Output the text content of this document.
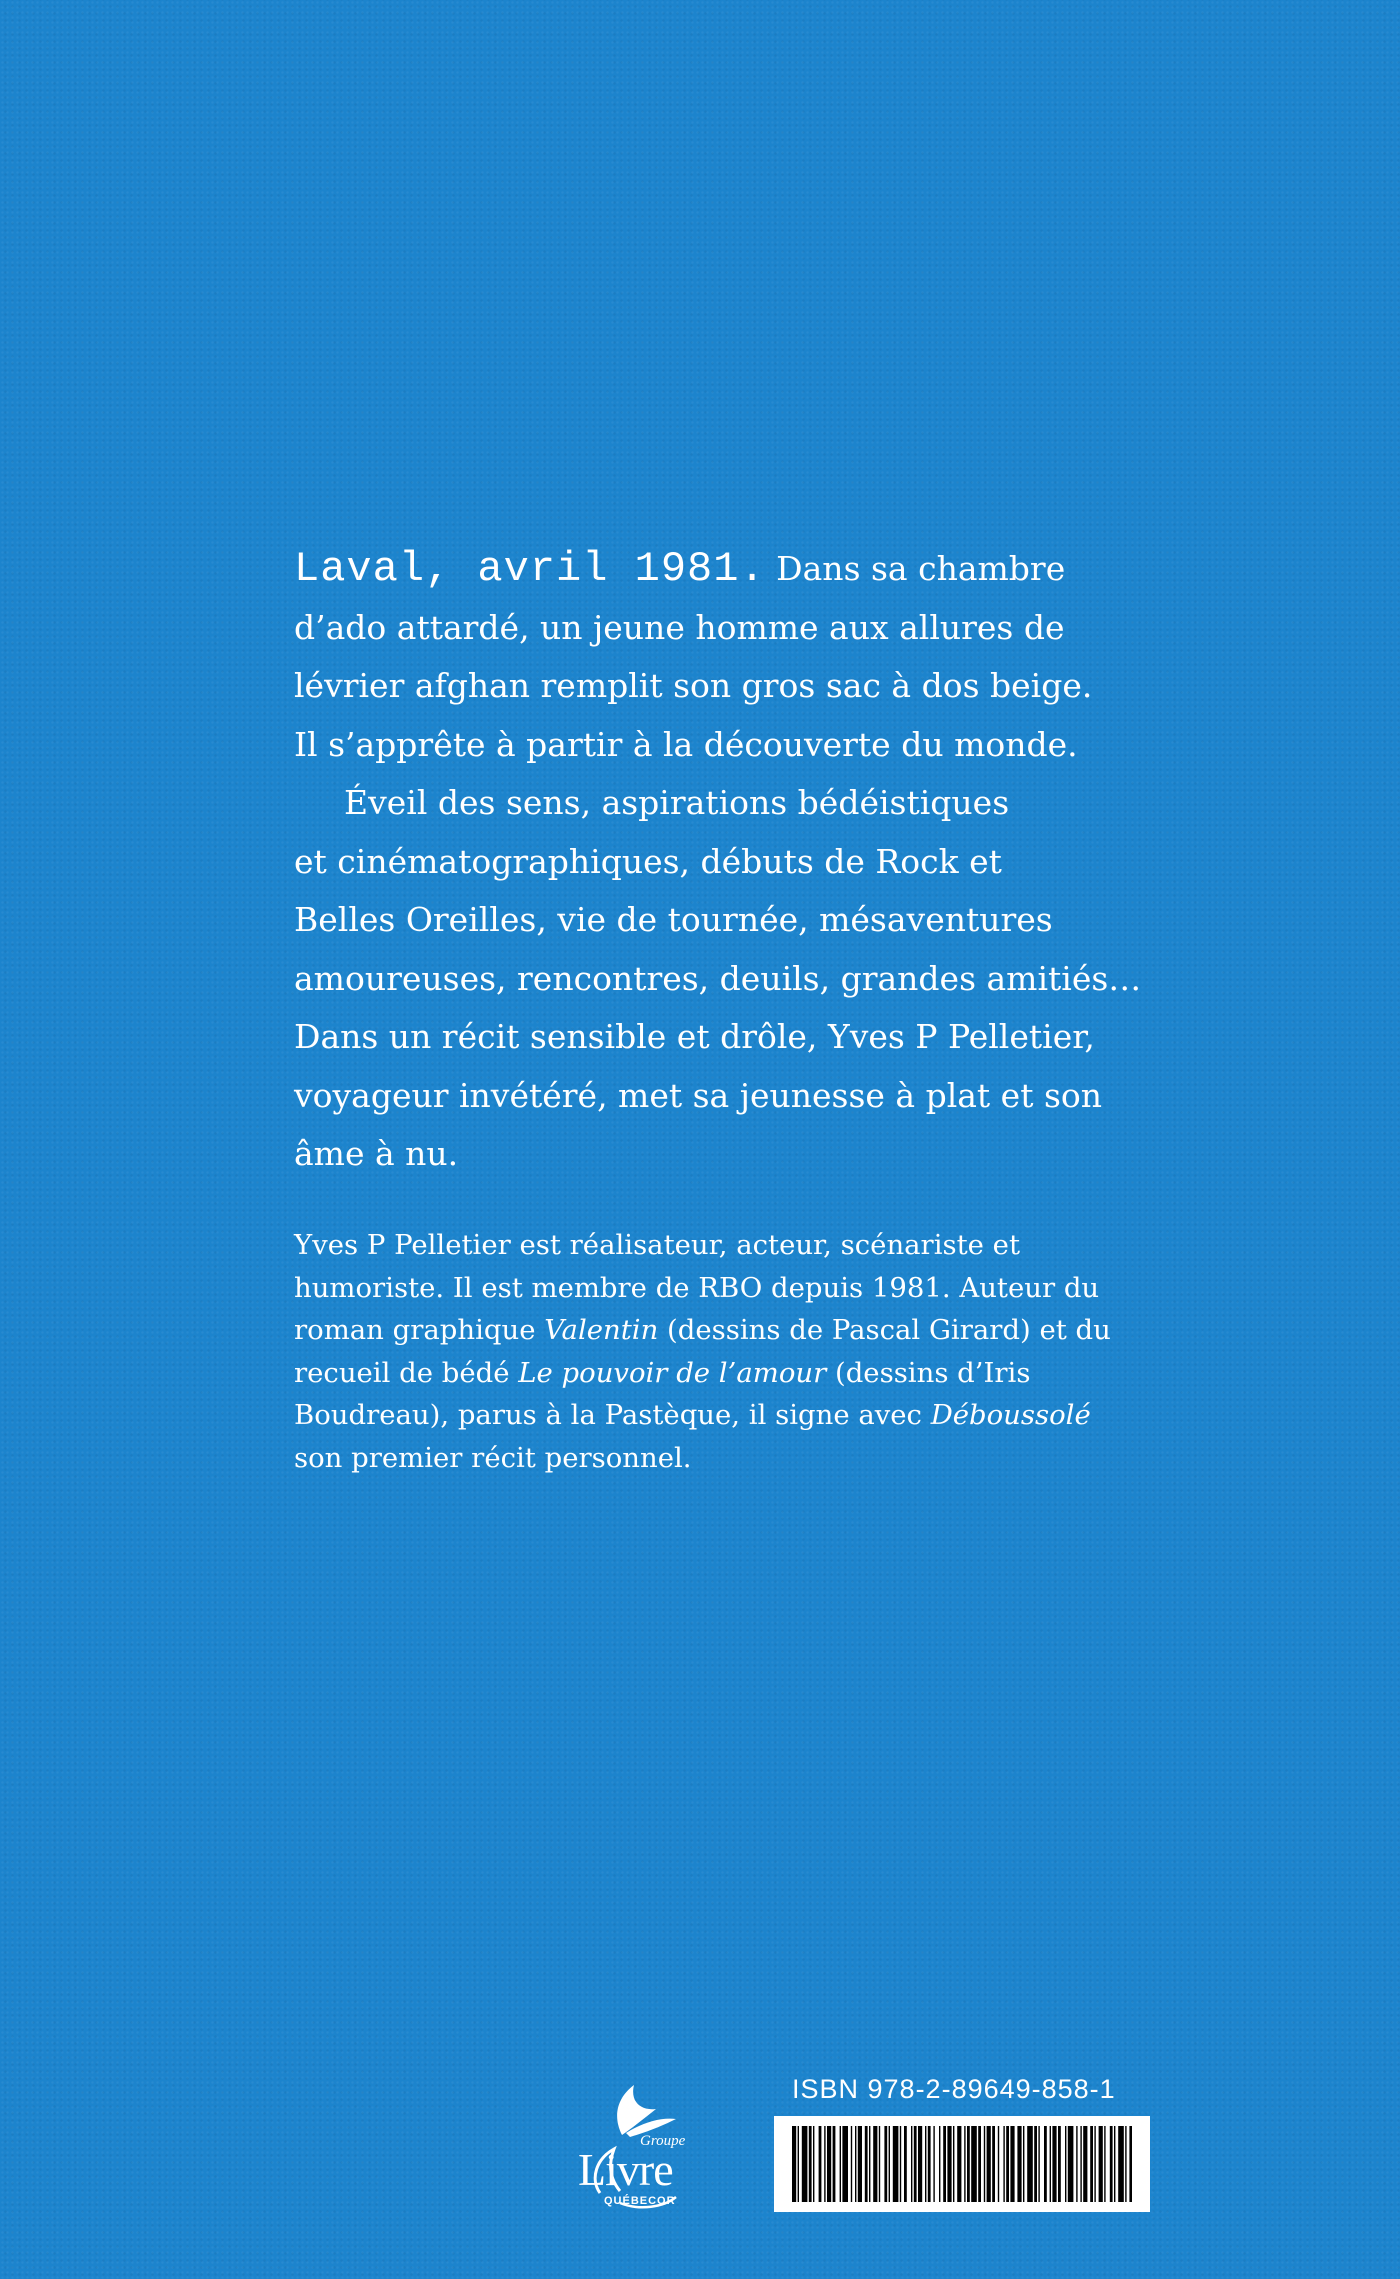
Laval, avril 1981. Dans sa chambre
d’ado attardé, un jeune homme aux allures de
lévrier afghan remplit son gros sac à dos beige.
Il s’apprête à partir à la découverte du monde.

Éveil des sens, aspirations bédéistiques
et cinématographiques, débuts de Rock et
Belles Oreilles, vie de tournée, mésaventures
amoureuses, rencontres, deuils, grandes amitiés…
Dans un récit sensible et drôle, Yves P Pelletier,
voyageur invétéré, met sa jeunesse à plat et son
âme à nu.

Yves P Pelletier est réalisateur, acteur, scénariste et humoriste. Il est membre de RBO depuis 1981. Auteur du roman graphique Valentin (dessins de Pascal Girard) et du recueil de bédé Le pouvoir de l’amour (dessins d’Iris Boudreau), parus à la Pastèque, il signe avec Déboussolé son premier récit personnel.

Groupe
Livre
QUÉBECOR
ISBN 978-2-89649-858-1
